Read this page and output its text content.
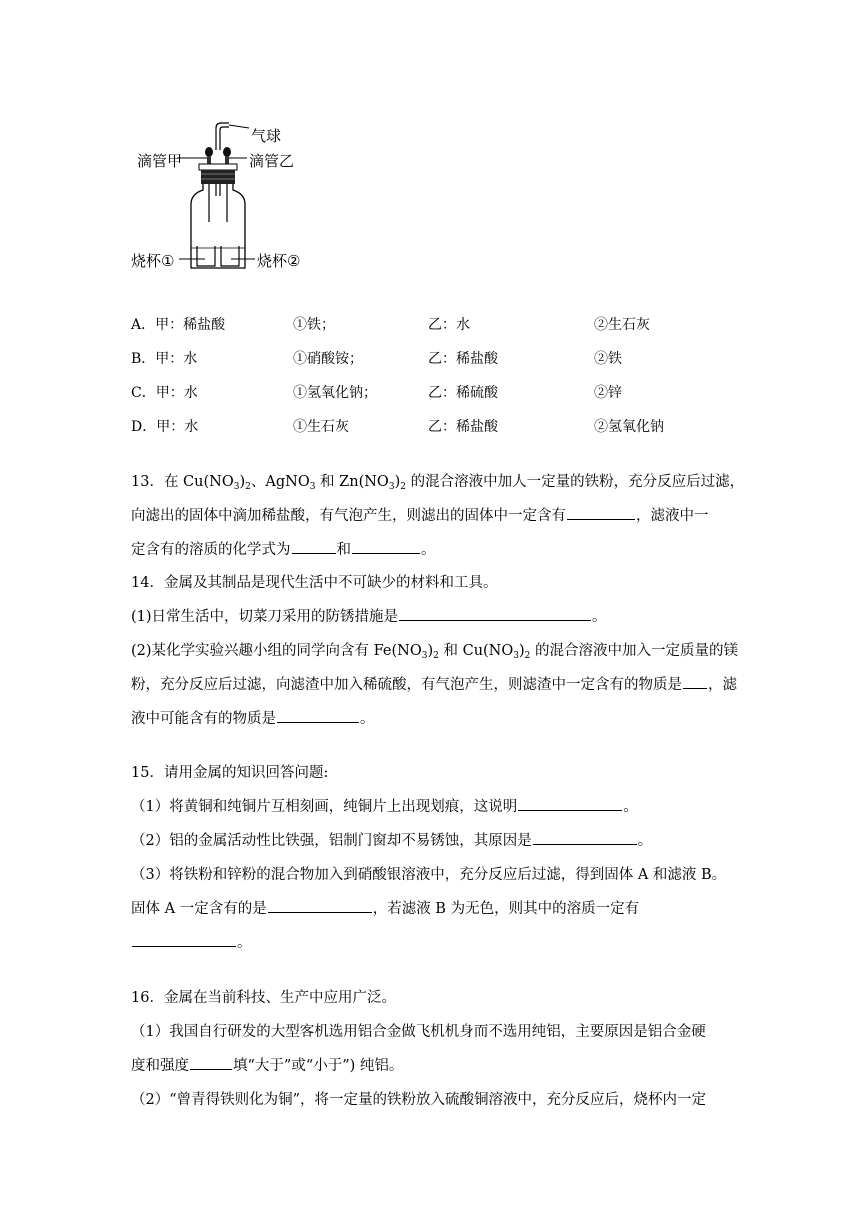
气球
滴管甲	滴管乙
烧杯①	烧杯②
A．甲：稀盐酸	①铁；	乙：水	②生石灰
B．甲：水	①硝酸铵；	乙：稀盐酸	②铁
C．甲：水	①氢氧化钠；	乙：稀硫酸	②锌
D．甲：水	①生石灰	乙：稀盐酸	②氢氧化钠
13．在 $Cu(NO_3)_2$、AgNO$_3$ 和 $Zn(NO_3)_2$ 的混合溶液中加人一定量的铁粉，充分反应后过滤，
向滤出的固体中滴加稀盐酸，有气泡产生，则滤出的固体中一定含有	，滤液中一
定含有的溶质的化学式为	和	。
14．金属及其制品是现代生活中不可缺少的材料和工具。
(1)日常生活中，切菜刀采用的防锈措施是	。
(2)某化学实验兴趣小组的同学向含有 $Fe(NO_3)_2$ 和 $Cu(NO_3)_2$ 的混合溶液中加入一定质量的镁
粉，充分反应后过滤，向滤渣中加入稀硫酸，有气泡产生，则滤渣中一定含有的物质是 ，滤
液中可能含有的物质是	。
15．请用金属的知识回答问题:
（1）将黄铜和纯铜片互相刻画，纯铜片上出现划痕，这说明	。
（2）铝的金属活动性比铁强，铝制门窗却不易锈蚀，其原因是	。
（3）将铁粉和锌粉的混合物加入到硝酸银溶液中，充分反应后过滤，得到固体 A 和滤液 B。
固体 A 一定含有的是	，若滤液 B 为无色，则其中的溶质一定有
。
16．金属在当前科技、生产中应用广泛。
（1）我国自行研发的大型客机选用铝合金做飞机机身而不选用纯铝，主要原因是铝合金硬
度和强度	填“大于”或“小于”) 纯铝。
（2）“曾青得铁则化为铜”，将一定量的铁粉放入硫酸铜溶液中，充分反应后，烧杯内一定
